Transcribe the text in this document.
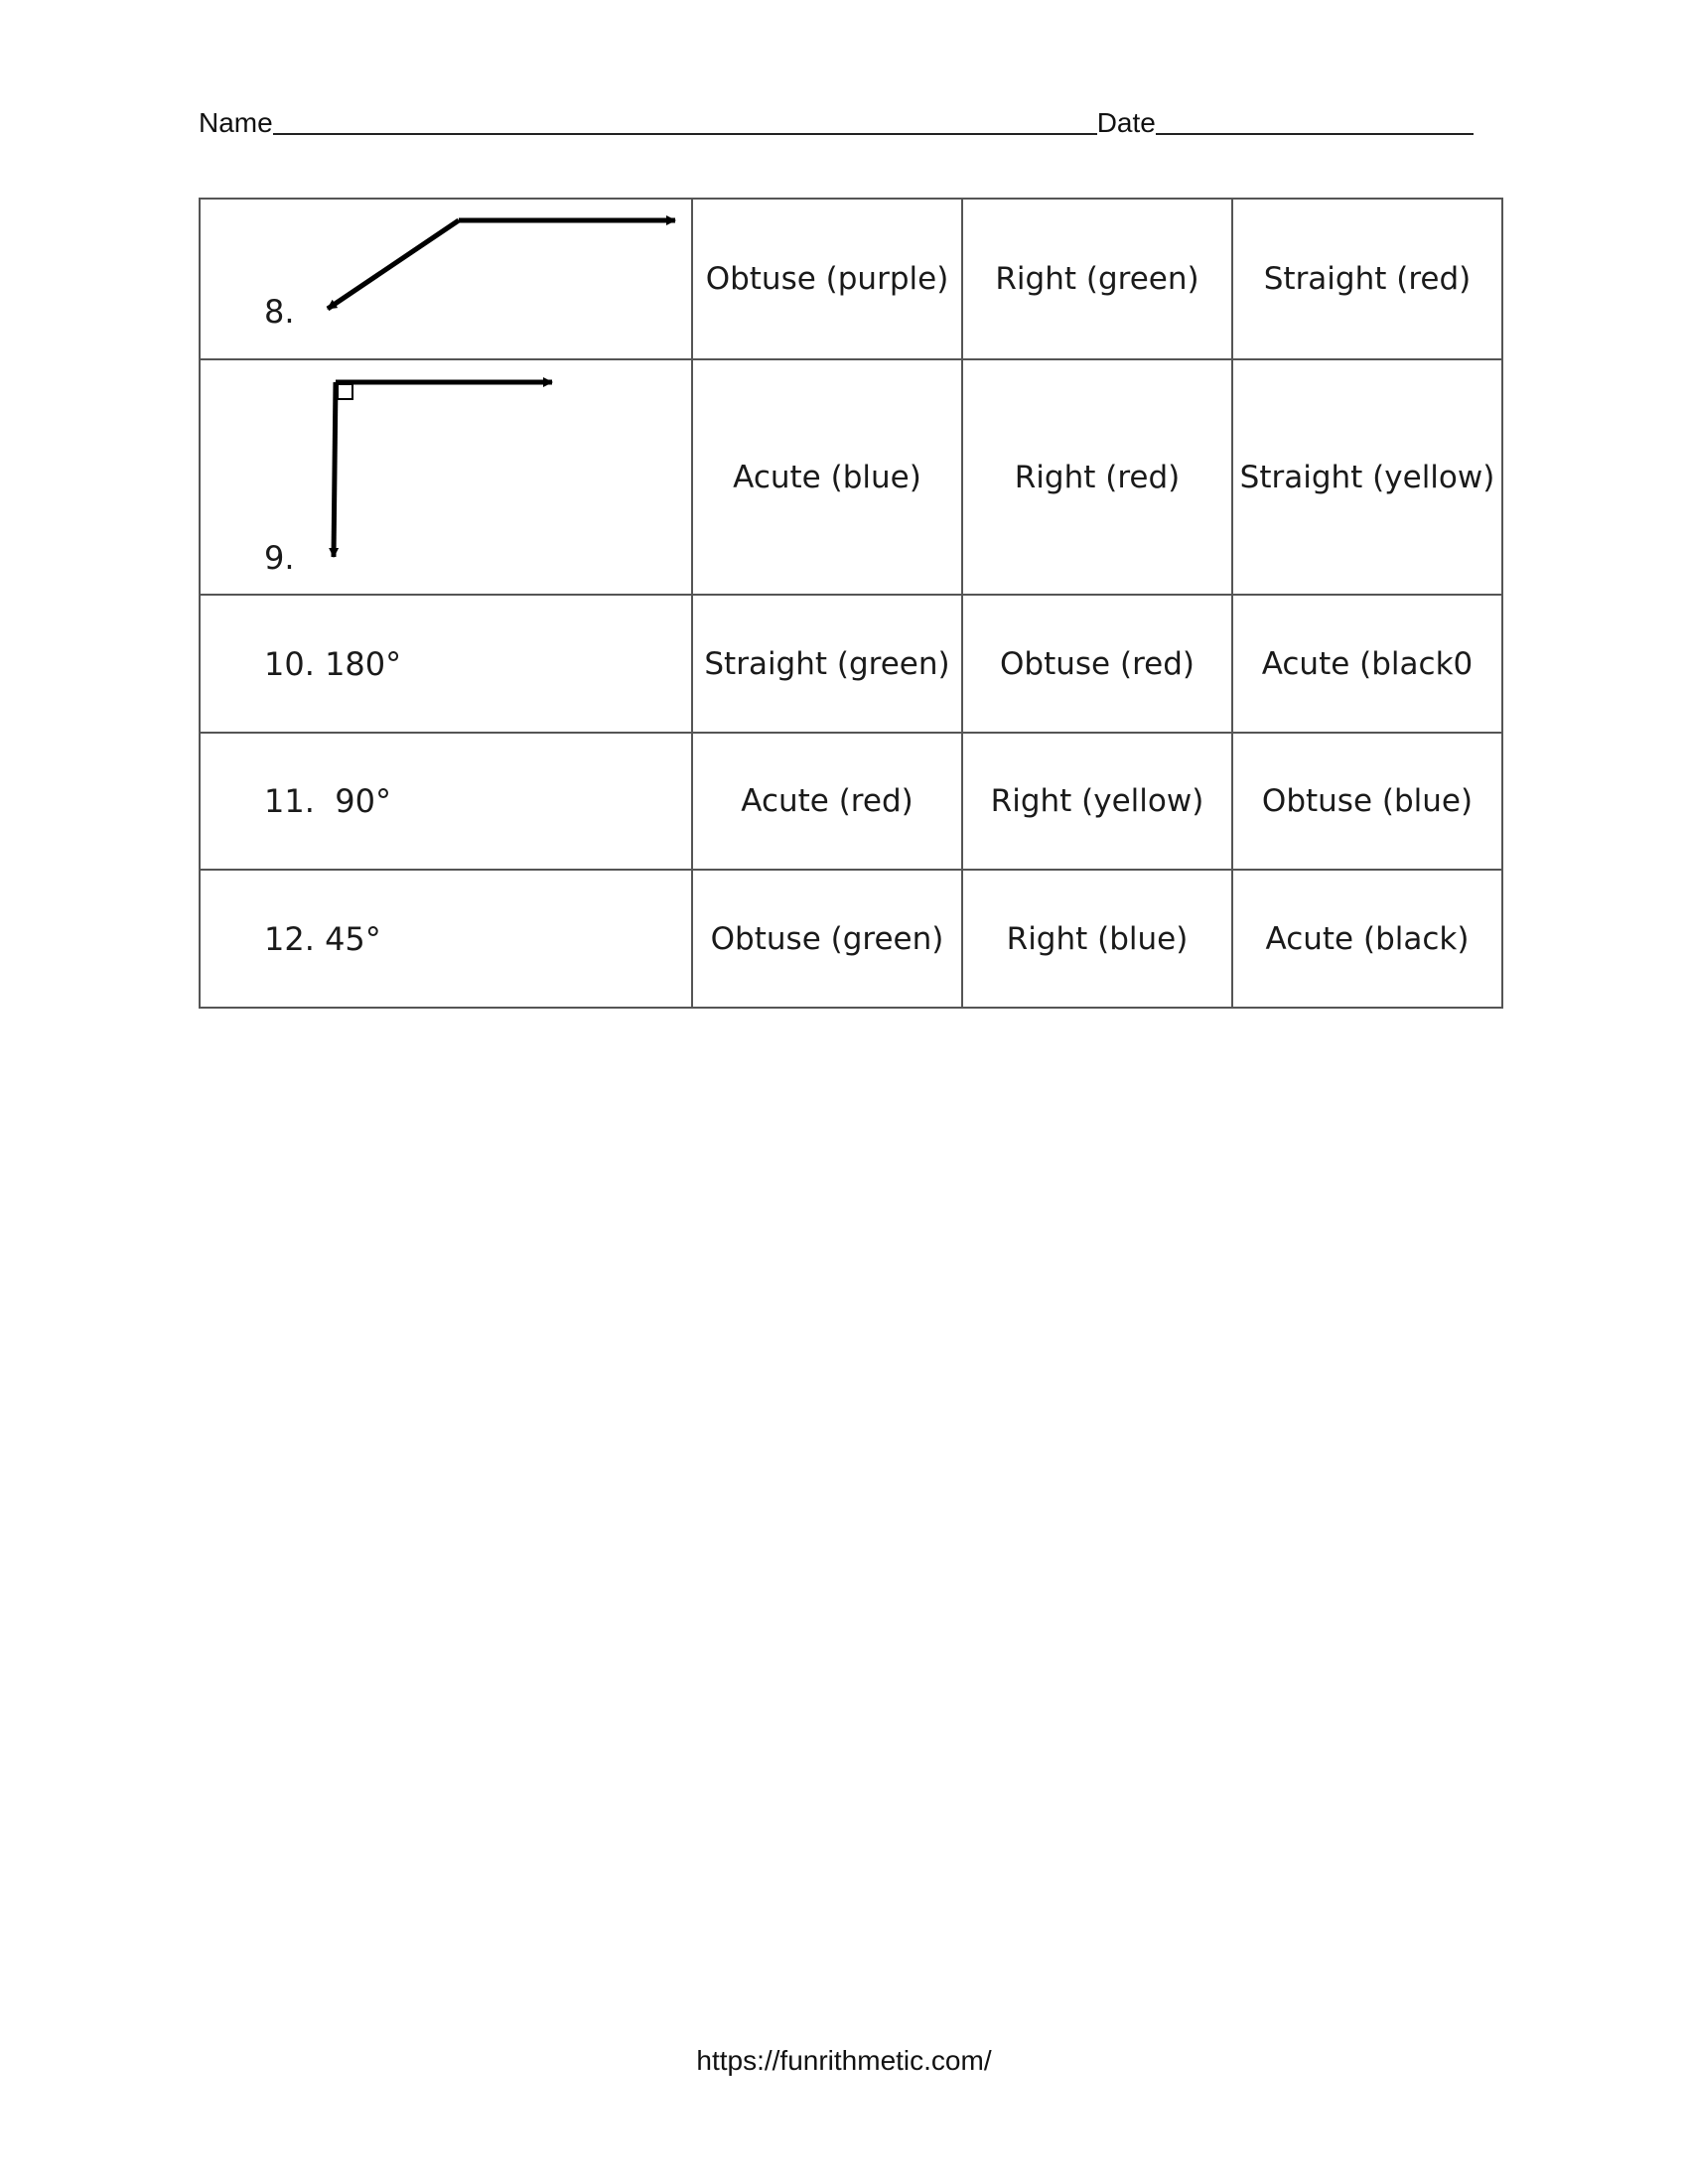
Name	Date
8.	Obtuse (purple)	Right (green)	Straight (red)

9.	Acute (blue)	Right (red)	Straight (yellow)

10. 180°	Straight (green)	Obtuse (red)	Acute (black0

11.  90°	Acute (red)	Right (yellow)	Obtuse (blue)

12. 45°	Obtuse (green)	Right (blue)	Acute (black)
https://funrithmetic.com/
